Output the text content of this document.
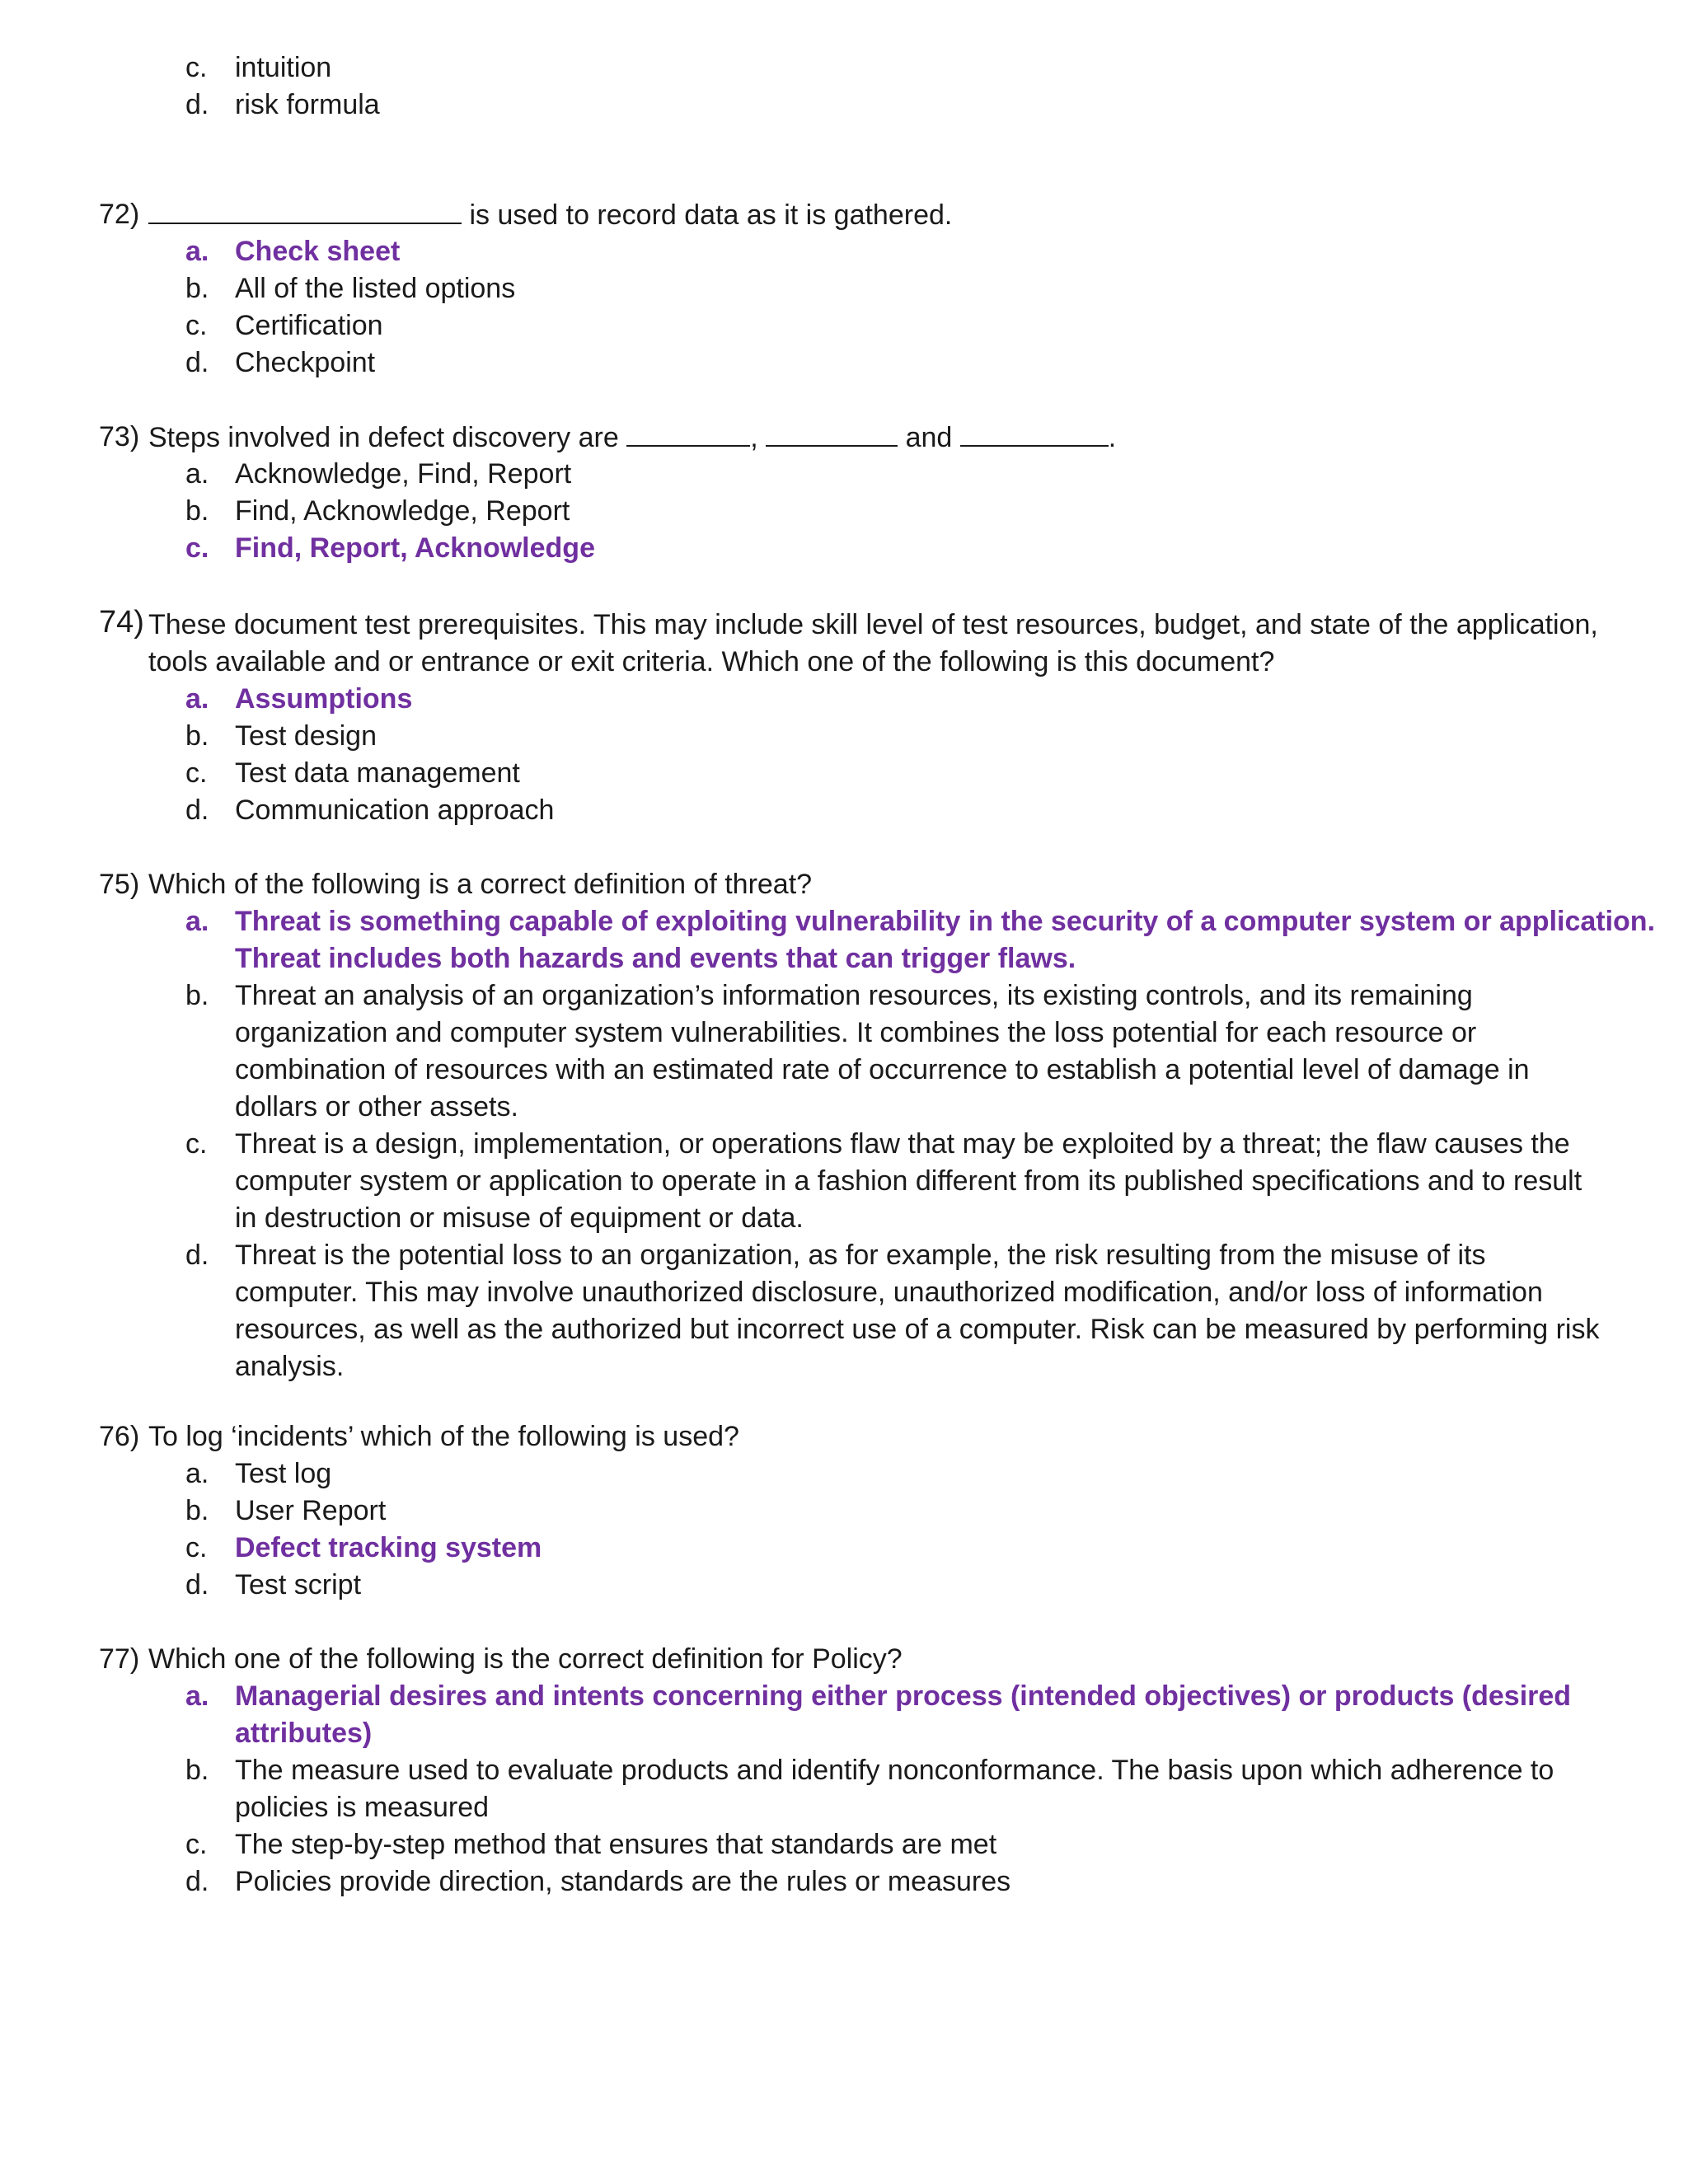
c. intuition
d. risk formula
72)	is used to record data as it is gathered.
a. Check sheet
b. All of the listed options
c. Certification
d. Checkpoint
73) Steps involved in defect discovery are	,	and	.
a. Acknowledge, Find, Report
b. Find, Acknowledge, Report
c. Find, Report, Acknowledge
74) These document test prerequisites. This may include skill level of test resources, budget, and state of the application,
tools available and or entrance or exit criteria. Which one of the following is this document?
a. Assumptions
b. Test design
c. Test data management
d. Communication approach
75) Which of the following is a correct definition of threat?
a. Threat is something capable of exploiting vulnerability in the security of a computer system or application.
Threat includes both hazards and events that can trigger flaws.
b. Threat an analysis of an organization’s information resources, its existing controls, and its remaining
organization and computer system vulnerabilities. It combines the loss potential for each resource or
combination of resources with an estimated rate of occurrence to establish a potential level of damage in
dollars or other assets.
c. Threat is a design, implementation, or operations flaw that may be exploited by a threat; the flaw causes the
computer system or application to operate in a fashion different from its published specifications and to result
in destruction or misuse of equipment or data.
d. Threat is the potential loss to an organization, as for example, the risk resulting from the misuse of its
computer. This may involve unauthorized disclosure, unauthorized modification, and/or loss of information
resources, as well as the authorized but incorrect use of a computer. Risk can be measured by performing risk
analysis.
76) To log ‘incidents’ which of the following is used?
a. Test log
b. User Report
c. Defect tracking system
d. Test script
77) Which one of the following is the correct definition for Policy?
a. Managerial desires and intents concerning either process (intended objectives) or products (desired
attributes)
b. The measure used to evaluate products and identify nonconformance. The basis upon which adherence to
policies is measured
c. The step-by-step method that ensures that standards are met
d. Policies provide direction, standards are the rules or measures
